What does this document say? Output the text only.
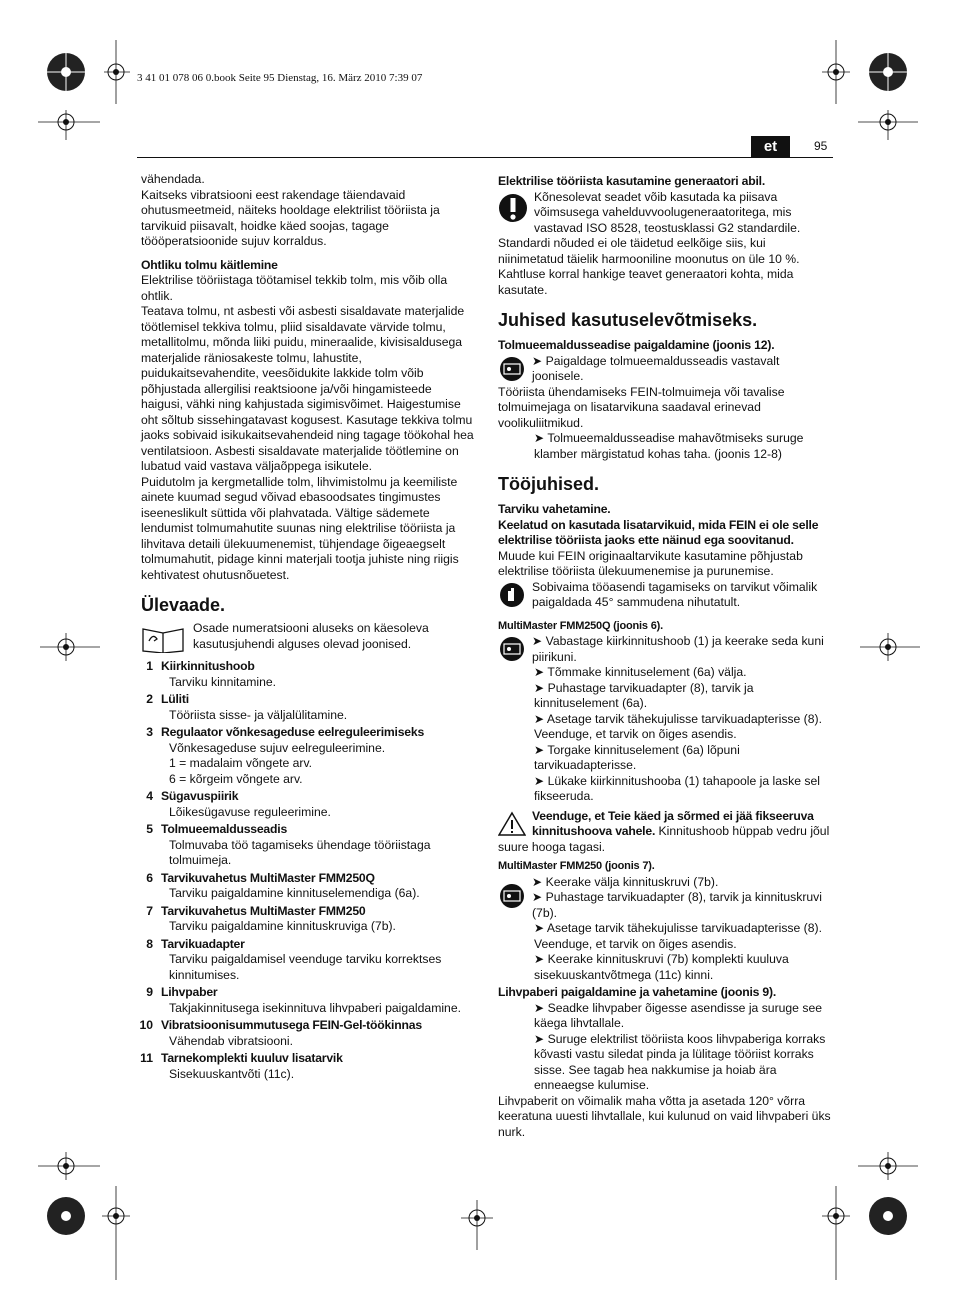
3 41 01 078 06 0.book Seite 95 Dienstag, 16. März 2010 7:39 07
et	95

vähendada.

Kaitseks vibratsiooni eest rakendage täiendavaid ohutusmeetmeid, näiteks hooldage elektrilist tööriista ja tarvikuid piisavalt, hoidke käed soojas, tagage töööperatsioonide sujuv korraldus.

Ohtliku tolmu käitlemine

Elektrilise tööriistaga töötamisel tekkib tolm, mis võib olla ohtlik.

Teatava tolmu, nt asbesti või asbesti sisaldavate materjalide töötlemisel tekkiva tolmu, pliid sisaldavate värvide tolmu, metallitolmu, mõnda liiki puidu, mineraalide, kivisisaldusega materjalide räniosakeste tolmu, lahustite, puidukaitsevahendite, veesõidukite lakkide tolm võib põhjustada allergilisi reaktsioone ja/või hingamisteede haigusi, vähki ning kahjustada sigimisvõimet. Haigestumise oht sõltub sissehingatavast kogusest. Kasutage tekkiva tolmu jaoks sobivaid isikukaitsevahendeid ning tagage töökohal hea ventilatsioon. Asbesti sisaldavate materjalide töötlemine on lubatud vaid vastava väljaõppega isikutele.

Puidutolm ja kergmetallide tolm, lihvimistolmu ja keemiliste ainete kuumad segud võivad ebasoodsates tingimustes iseeneslikult süttida või plahvatada. Vältige sädemete lendumist tolmumahutite suunas ning elektrilise tööriista ja lihvitava detaili ülekuumenemist, tühjendage õigeaegselt tolmumahutit, pidage kinni materjali tootja juhiste ning riigis kehtivatest ohutusnõuetest.

Ülevaade.

Osade numeratsiooni aluseks on käesoleva kasutusjuhendi alguses olevad joonised.

1 Kiirkinnitushoob

Tarviku kinnitamine.

2 Lüliti

Tööriista sisse- ja väljalülitamine.

3 Regulaator võnkesageduse eelreguleerimiseks

Võnkesageduse sujuv eelreguleerimine.

1 = madalaim võngete arv.

6 = kõrgeim võngete arv.

4 Sügavuspiirik

Lõikesügavuse reguleerimine.

5 Tolmueemaldusseadis

Tolmuvaba töö tagamiseks ühendage tööriistaga tolmuimeja.

6 Tarvikuvahetus MultiMaster FMM250Q

Tarviku paigaldamine kinnituselemendiga (6a).

7 Tarvikuvahetus MultiMaster FMM250

Tarviku paigaldamine kinnituskruviga (7b).

8 Tarvikuadapter

Tarviku paigaldamisel veenduge tarviku korrektses kinnitumises.

9 Lihvpaber

Takjakinnitusega isekinnituva lihvpaberi paigaldamine.

10 Vibratsioonisummutusega FEIN-Gel-töökinnas

Vähendab vibratsiooni.

11 Tarnekomplekti kuuluv lisatarvik

Sisekuuskantvõti (11c).

Elektrilise tööriista kasutamine generaatori abil.

Kõnesolevat seadet võib kasutada ka piisava võimsusega vahelduvvoolugeneraatoritega, mis vastavad ISO 8528, teostusklassi G2 standardile. Standardi nõuded ei ole täidetud eelkõige siis, kui niinimetatud täielik harmooniline moonutus on üle 10 %. Kahtluse korral hankige teavet generaatori kohta, mida kasutate.

Juhised kasutuselevõtmiseks.

Tolmueemaldusseadise paigaldamine (joonis 12).

➤ Paigaldage tolmueemaldusseadis vastavalt joonisele.

Tööriista ühendamiseks FEIN-tolmuimeja või tavalise tolmuimejaga on lisatarvikuna saadaval erinevad voolikuliitmikud.

➤ Tolmueemaldusseadise mahavõtmiseks suruge klamber märgistatud kohas taha. (joonis 12-8)

Tööjuhised.

Tarviku vahetamine.

Keelatud on kasutada lisatarvikuid, mida FEIN ei ole selle elektrilise tööriista jaoks ette näinud ega soovitanud.

Muude kui FEIN originaaltarvikute kasutamine põhjustab elektrilise tööriista ülekuumenemise ja purunemise.

Sobivaima tööasendi tagamiseks on tarvikut võimalik paigaldada 45° sammudena nihutatult.

MultiMaster FMM250Q (joonis 6).

➤ Vabastage kiirkinnitushoob (1) ja keerake seda kuni piirikuni.

➤ Tõmmake kinnituselement (6a) välja.

➤ Puhastage tarvikuadapter (8), tarvik ja kinnituselement (6a).

➤ Asetage tarvik tähekujulisse tarvikuadapterisse (8). Veenduge, et tarvik on õiges asendis.

➤ Torgake kinnituselement (6a) lõpuni tarvikuadapterisse.

➤ Lükake kiirkinnitushooba (1) tahapoole ja laske sel fikseeruda.

Veenduge, et Teie käed ja sõrmed ei jää fikseeruva kinnitushoova vahele. Kinnitushoob hüppab vedru jõul suure hooga tagasi.

MultiMaster FMM250 (joonis 7).

➤ Keerake välja kinnituskruvi (7b).

➤ Puhastage tarvikuadapter (8), tarvik ja kinnituskruvi (7b).

➤ Asetage tarvik tähekujulisse tarvikuadapterisse (8). Veenduge, et tarvik on õiges asendis.

➤ Keerake kinnituskruvi (7b) komplekti kuuluva sisekuuskantvõtmega (11c) kinni.

Lihvpaberi paigaldamine ja vahetamine (joonis 9).

➤ Seadke lihvpaber õigesse asendisse ja suruge see käega lihvtallale.

➤ Suruge elektrilist tööriista koos lihvpaberiga korraks kõvasti vastu siledat pinda ja lülitage tööriist korraks sisse. See tagab hea nakkumise ja hoiab ära enneaegse kulumise.

Lihvpaberit on võimalik maha võtta ja asetada 120° võrra keeratuna uuesti lihvtallale, kui kulunud on vaid lihvpaberi üks nurk.
